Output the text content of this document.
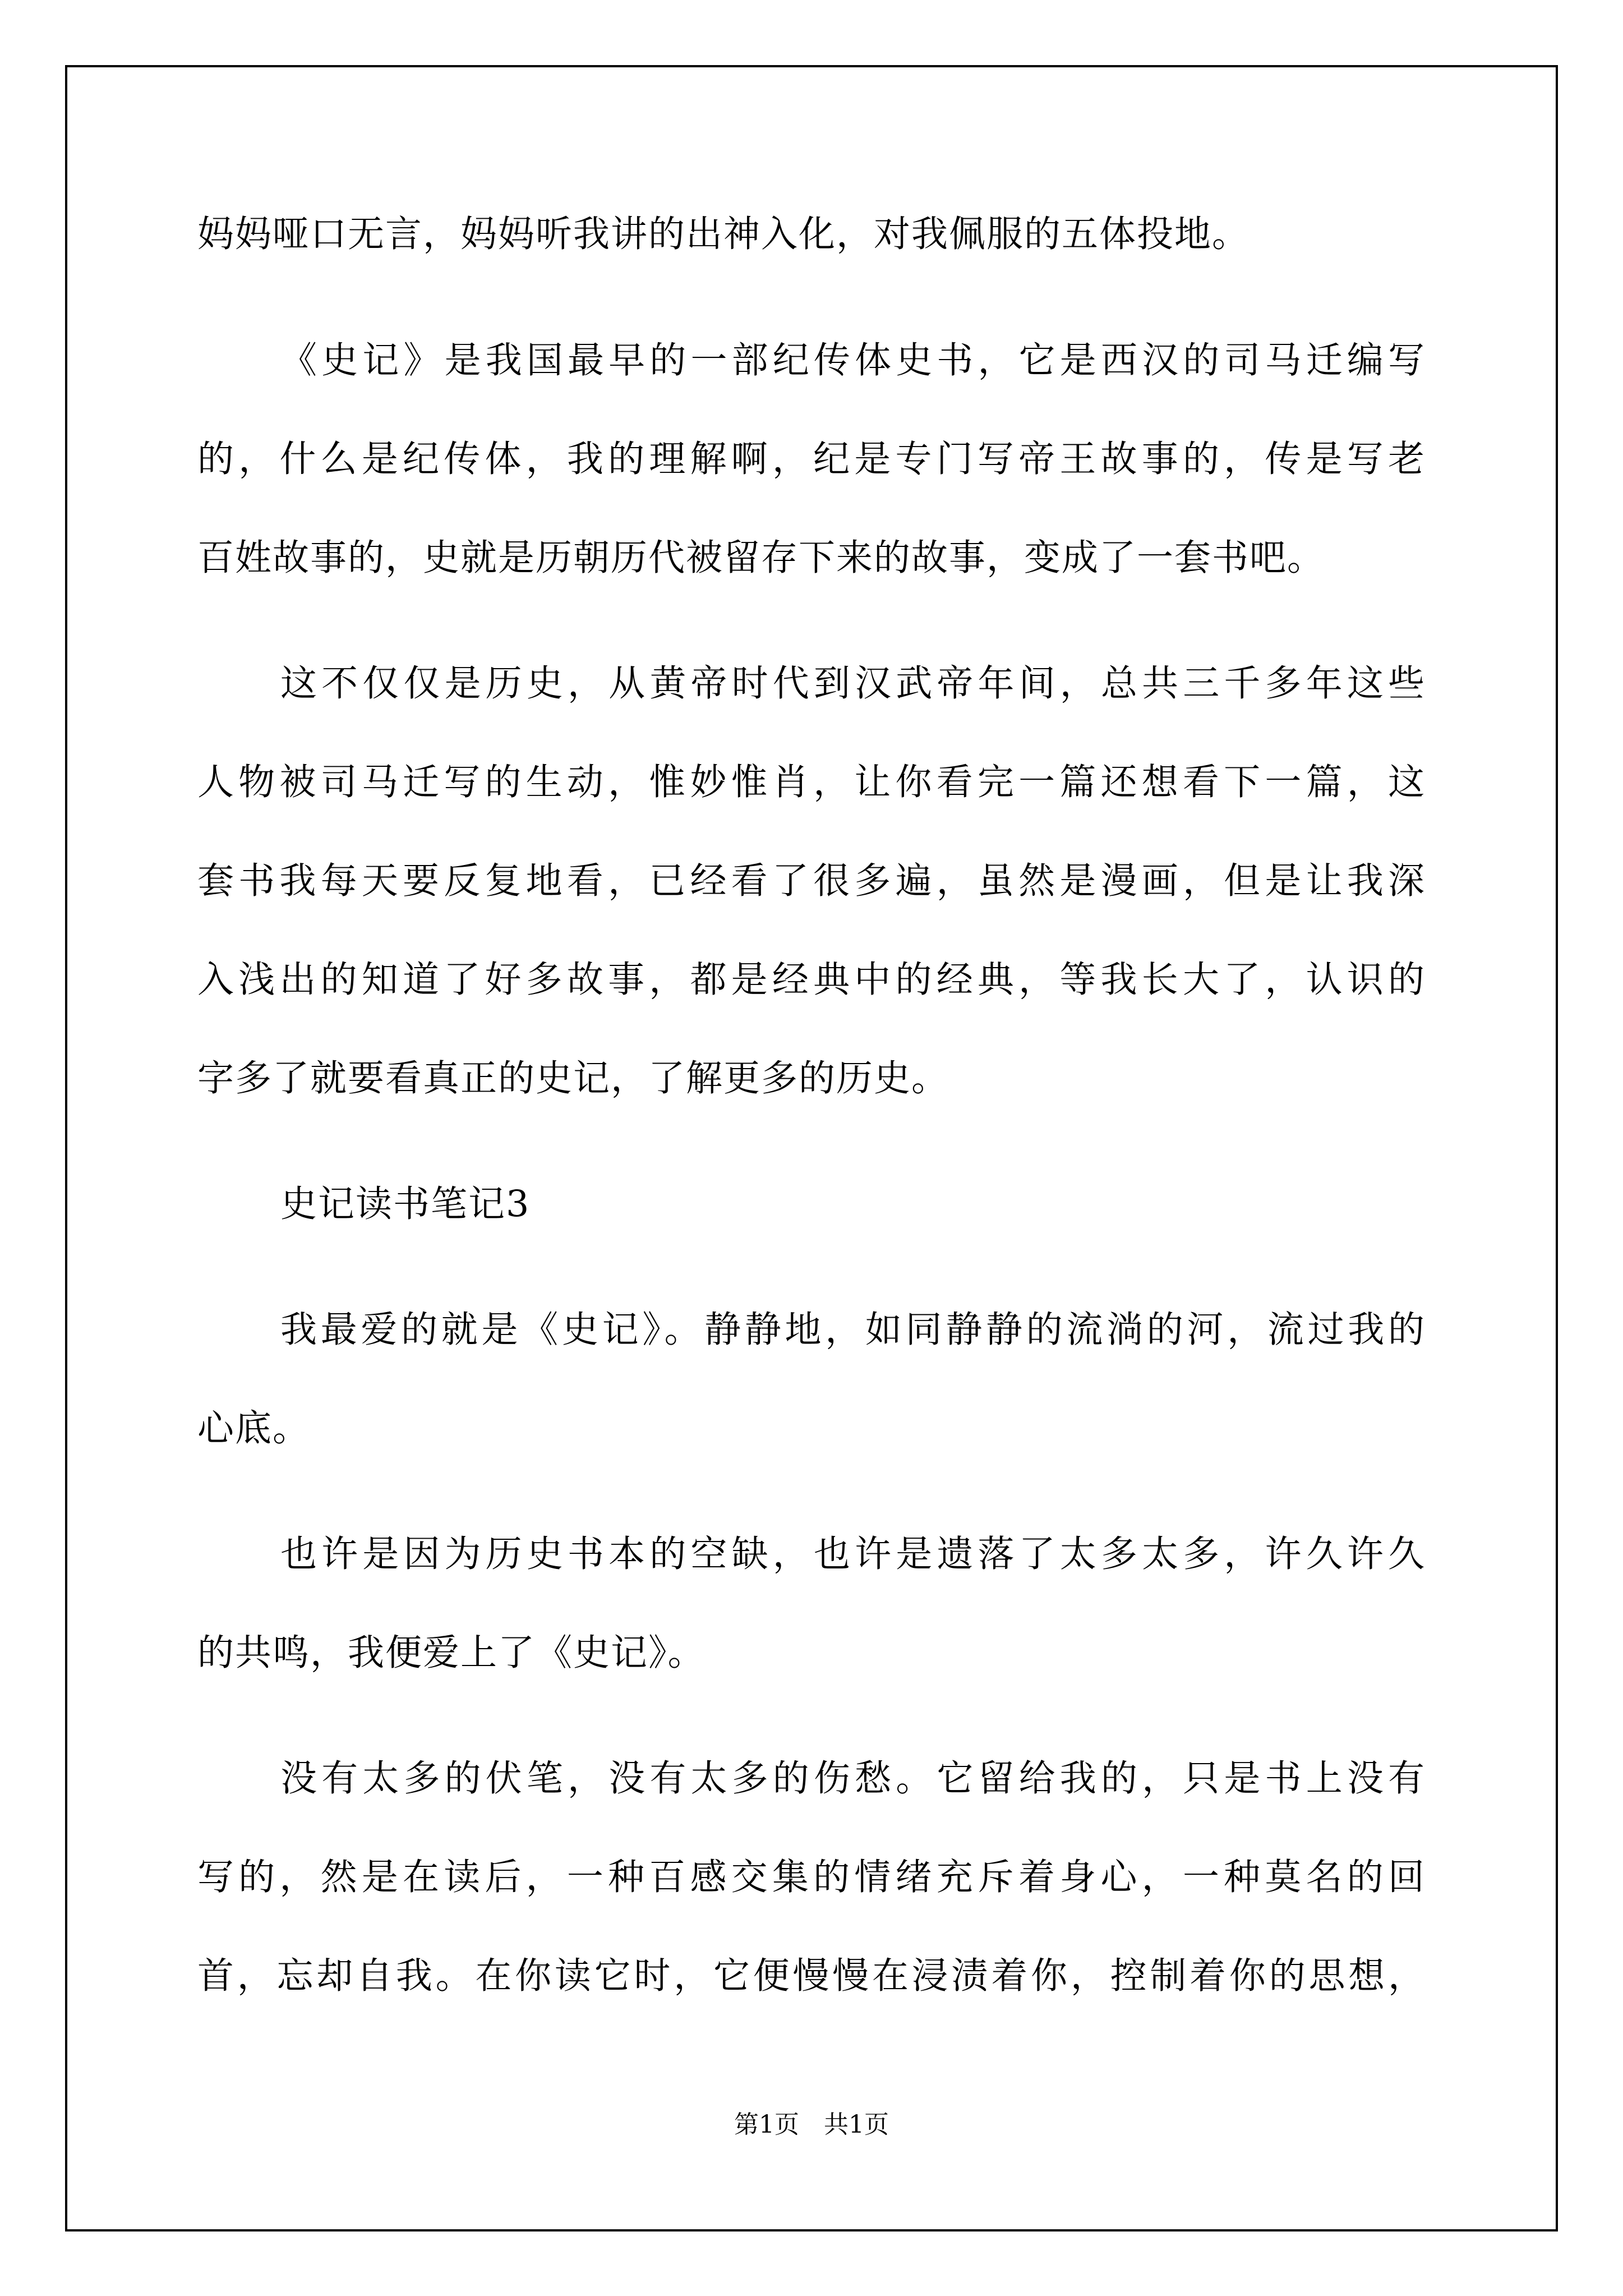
妈妈哑口无言，妈妈听我讲的出神入化，对我佩服的五体投地。
《史记》是我国最早的一部纪传体史书，它是西汉的司马迁编写
的，什么是纪传体，我的理解啊，纪是专门写帝王故事的，传是写老
百姓故事的，史就是历朝历代被留存下来的故事，变成了一套书吧。
这不仅仅是历史，从黄帝时代到汉武帝年间，总共三千多年这些
人物被司马迁写的生动，惟妙惟肖，让你看完一篇还想看下一篇，这
套书我每天要反复地看，已经看了很多遍，虽然是漫画，但是让我深
入浅出的知道了好多故事，都是经典中的经典，等我长大了，认识的
字多了就要看真正的史记，了解更多的历史。
史记读书笔记3
我最爱的就是《史记》。静静地，如同静静的流淌的河，流过我的
心底。
也许是因为历史书本的空缺，也许是遗落了太多太多，许久许久
的共鸣，我便爱上了《史记》。
没有太多的伏笔，没有太多的伤愁。它留给我的，只是书上没有
写的，然是在读后，一种百感交集的情绪充斥着身心，一种莫名的回
首，忘却自我。在你读它时，它便慢慢在浸渍着你，控制着你的思想，
第1页　共1页
